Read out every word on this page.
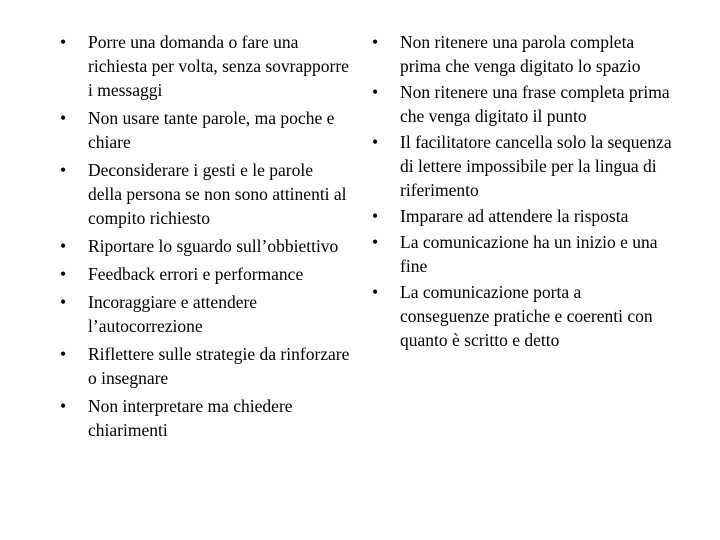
•	Porre una domanda o fare una richiesta per volta, senza sovrapporre i messaggi
•	Non usare tante parole, ma poche e chiare
•	Deconsiderare i gesti e le parole della persona se non sono attinenti al compito richiesto
•	Riportare lo sguardo sull’obbiettivo
•	Feedback errori e performance
•	Incoraggiare e attendere l’autocorrezione
•	Riflettere sulle strategie da rinforzare o insegnare
•	Non interpretare ma chiedere chiarimenti
•	Non ritenere una parola completa prima che venga digitato lo spazio
•	Non ritenere una frase completa prima che venga digitato il punto
•	Il facilitatore cancella solo la sequenza di lettere impossibile per la lingua di riferimento
•	Imparare ad attendere la risposta
•	La comunicazione ha un inizio e una fine
•	La comunicazione porta a conseguenze pratiche e coerenti con quanto è scritto e detto
